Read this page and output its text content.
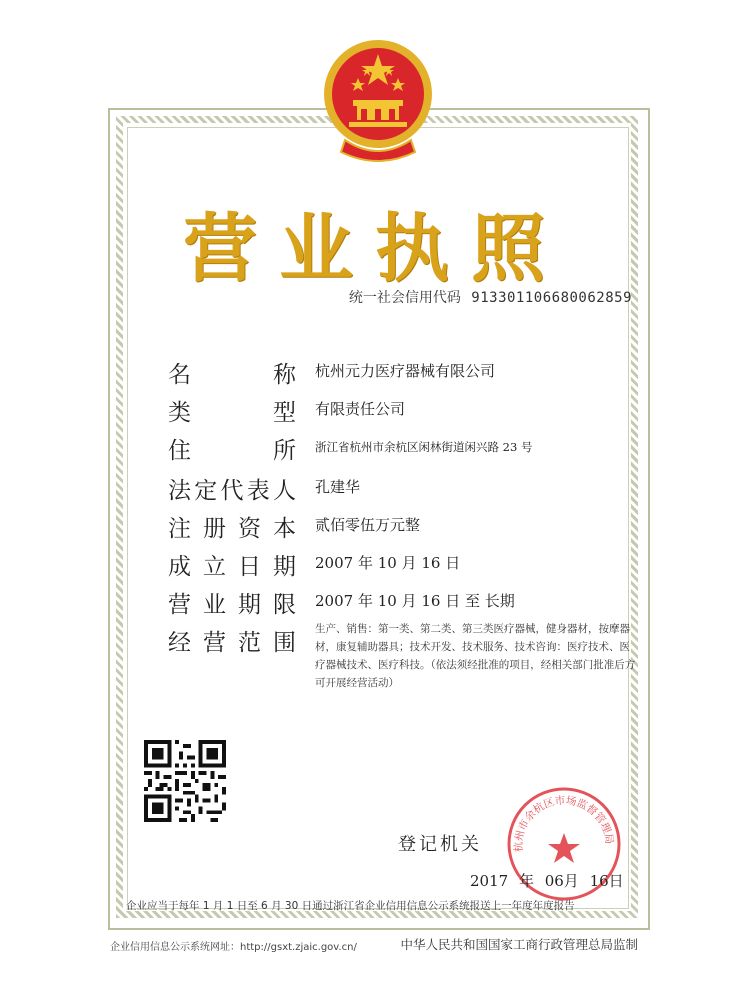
营业执照
统一社会信用代码 913301106680062859
名	称 杭州元力医疗器械有限公司
类	型 有限责任公司
住	所 浙江省杭州市余杭区闲林街道闲兴路 23 号
法 定 代 表 人 孔建华
注 册 资 本 贰佰零伍万元整
成 立 日 期 2007 年 10 月 16 日
营 业 期 限 2007 年 10 月 16 日 至 长期
经 营 范 围
生产、销售：第一类、第二类、第三类医疗器械，健身器材，按摩器材，康复辅助器具；技术开发、技术服务、技术咨询：医疗技术、医疗器械技术、医疗科技。（依法须经批准的项目，经相关部门批准后方可开展经营活动）
登记机关	杭州市余杭区市场监督管理局
2017 年 06月 16日
企业应当于每年 1 月 1 日至 6 月 30 日通过浙江省企业信用信息公示系统报送上一年度年度报告
企业信用信息公示系统网址：http://gsxt.zjaic.gov.cn/	中华人民共和国国家工商行政管理总局监制
